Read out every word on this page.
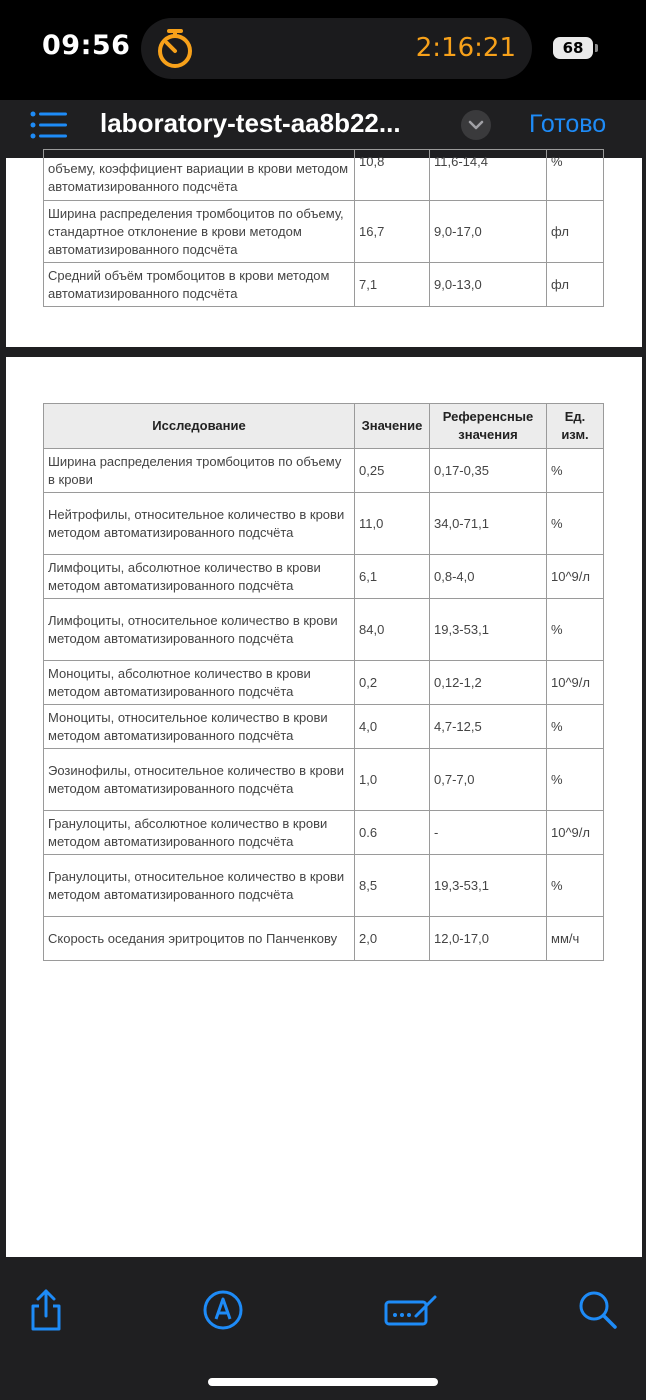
09:56	2:16:21	68
laboratory-test-aa8b22...	Готово
объему, коэффициент вариации в крови методом автоматизированного подсчёта	10,8	11,6-14,4	%
Ширина распределения тромбоцитов по объему, стандартное отклонение в крови методом автоматизированного подсчёта	16,7	9,0-17,0	фл
Средний объём тромбоцитов в крови методом автоматизированного подсчёта	7,1	9,0-13,0	фл
Исследование	Значение	Референсные значения	Ед. изм.
Ширина распределения тромбоцитов по объему в крови	0,25	0,17-0,35	%
Нейтрофилы, относительное количество в крови методом автоматизированного подсчёта	11,0	34,0-71,1	%
Лимфоциты, абсолютное количество в крови методом автоматизированного подсчёта	6,1	0,8-4,0	10^9/л
Лимфоциты, относительное количество в крови методом автоматизированного подсчёта	84,0	19,3-53,1	%
Моноциты, абсолютное количество в крови методом автоматизированного подсчёта	0,2	0,12-1,2	10^9/л
Моноциты, относительное количество в крови методом автоматизированного подсчёта	4,0	4,7-12,5	%
Эозинофилы, относительное количество в крови методом автоматизированного подсчёта	1,0	0,7-7,0	%
Гранулоциты, абсолютное количество в крови методом автоматизированного подсчёта	0.6	-	10^9/л
Гранулоциты, относительное количество в крови методом автоматизированного подсчёта	8,5	19,3-53,1	%
Скорость оседания эритроцитов по Панченкову	2,0	12,0-17,0	мм/ч
